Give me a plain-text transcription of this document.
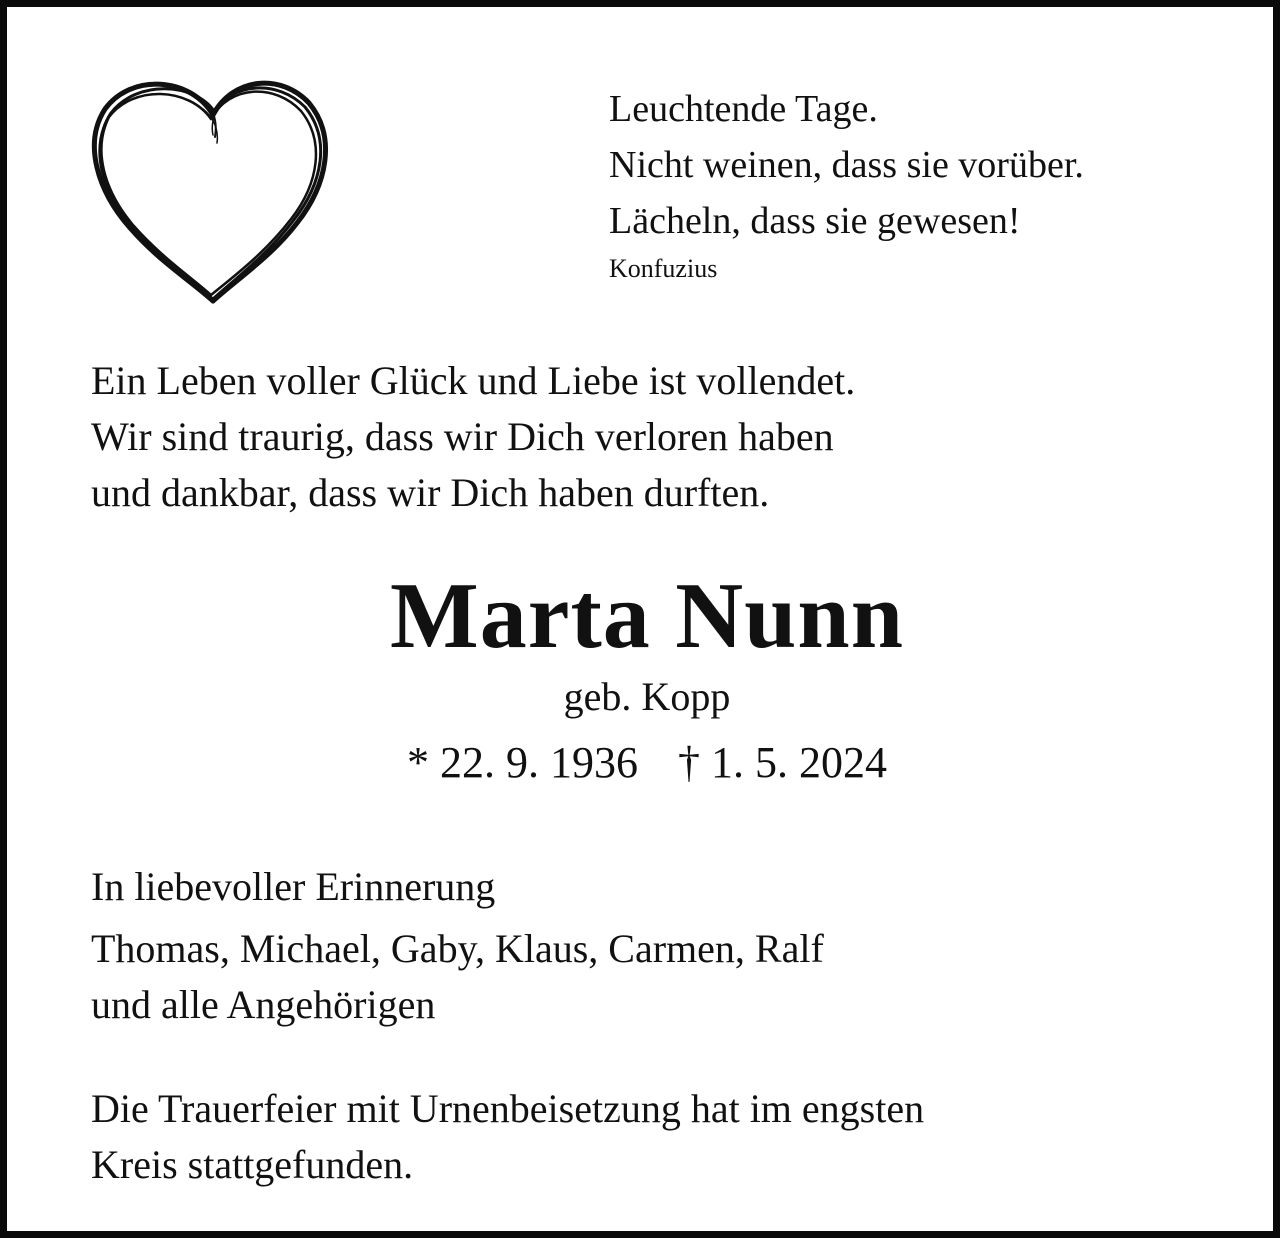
Leuchtende Tage.
Nicht weinen, dass sie vorüber.
Lächeln, dass sie gewesen!
Konfuzius
Ein Leben voller Glück und Liebe ist vollendet.
Wir sind traurig, dass wir Dich verloren haben
und dankbar, dass wir Dich haben durften.
Marta Nunn
geb. Kopp
* 22. 9. 1936 † 1. 5. 2024
In liebevoller Erinnerung
Thomas, Michael, Gaby, Klaus, Carmen, Ralf
und alle Angehörigen
Die Trauerfeier mit Urnenbeisetzung hat im engsten
Kreis stattgefunden.
